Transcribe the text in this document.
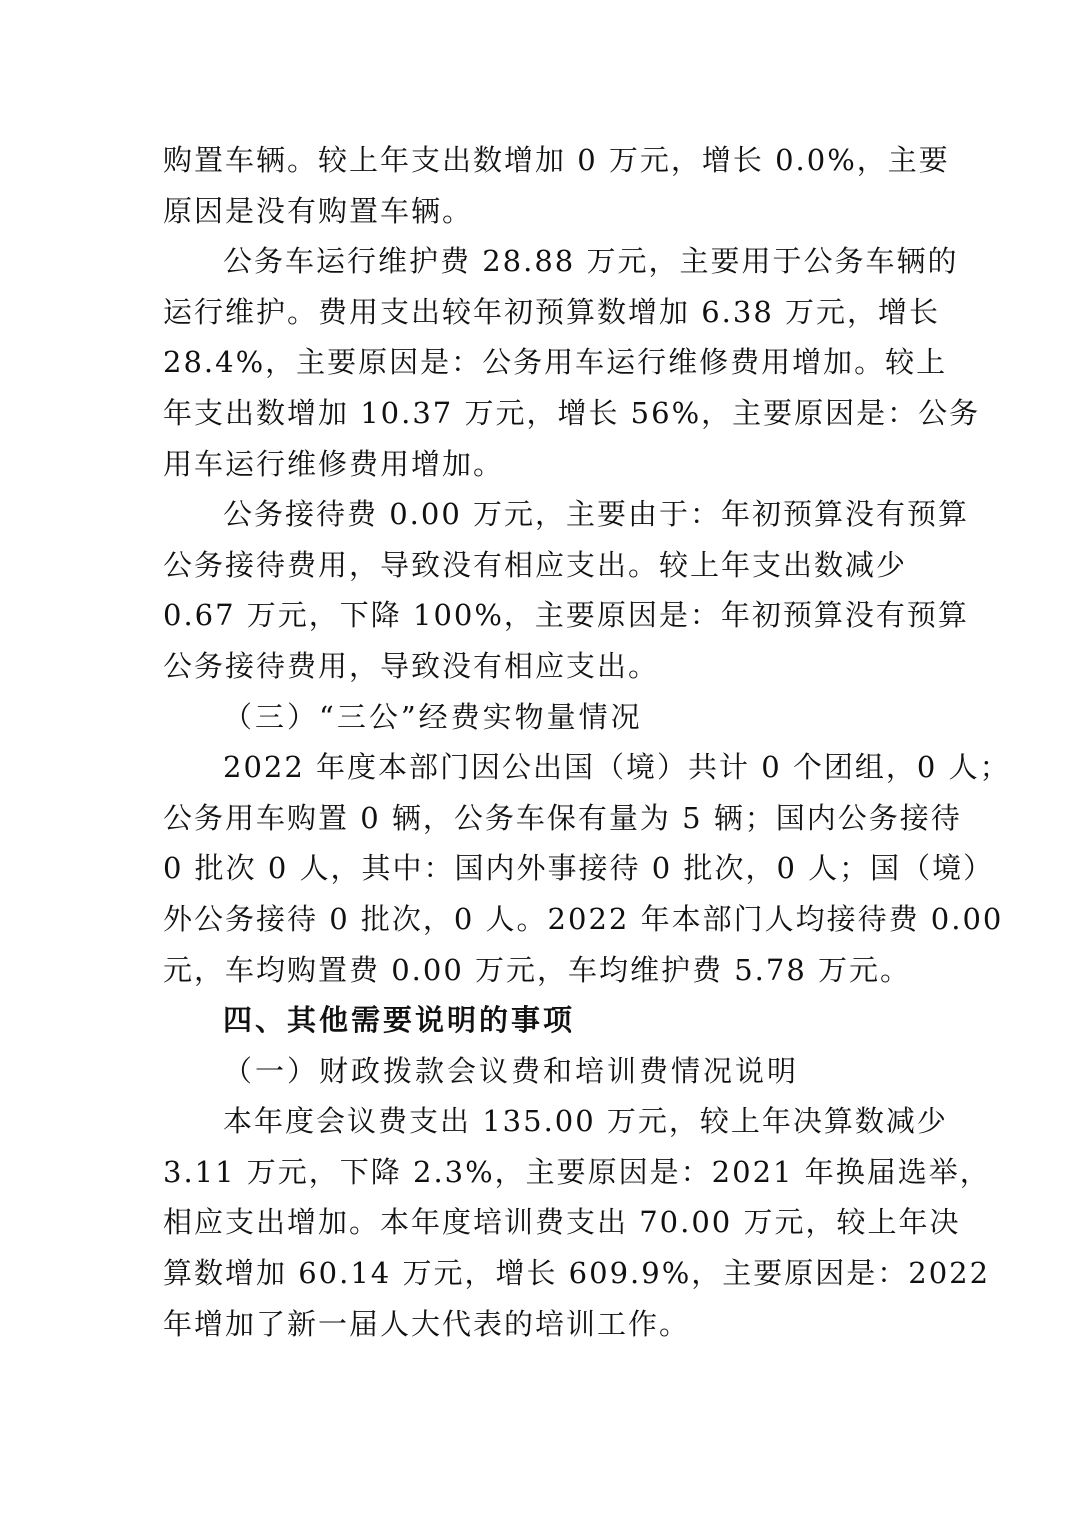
购置车辆。较上年支出数增加 0 万元，增长 0.0%，主要
原因是没有购置车辆。
公务车运行维护费 28.88 万元，主要用于公务车辆的
运行维护。费用支出较年初预算数增加 6.38 万元，增长
28.4%，主要原因是：公务用车运行维修费用增加。较上
年支出数增加 10.37 万元，增长 56%，主要原因是：公务
用车运行维修费用增加。
公务接待费 0.00 万元，主要由于：年初预算没有预算
公务接待费用，导致没有相应支出。较上年支出数减少
0.67 万元，下降 100%，主要原因是：年初预算没有预算
公务接待费用，导致没有相应支出。
（三）“三公”经费实物量情况
2022 年度本部门因公出国（境）共计 0 个团组，0 人；
公务用车购置 0 辆，公务车保有量为 5 辆；国内公务接待
0 批次 0 人，其中：国内外事接待 0 批次，0 人；国（境）
外公务接待 0 批次，0 人。2022 年本部门人均接待费 0.00
元，车均购置费 0.00 万元，车均维护费 5.78 万元。
四、其他需要说明的事项
（一）财政拨款会议费和培训费情况说明
本年度会议费支出 135.00 万元，较上年决算数减少
3.11 万元，下降 2.3%，主要原因是：2021 年换届选举，
相应支出增加。本年度培训费支出 70.00 万元，较上年决
算数增加 60.14 万元，增长 609.9%，主要原因是：2022
年增加了新一届人大代表的培训工作。
